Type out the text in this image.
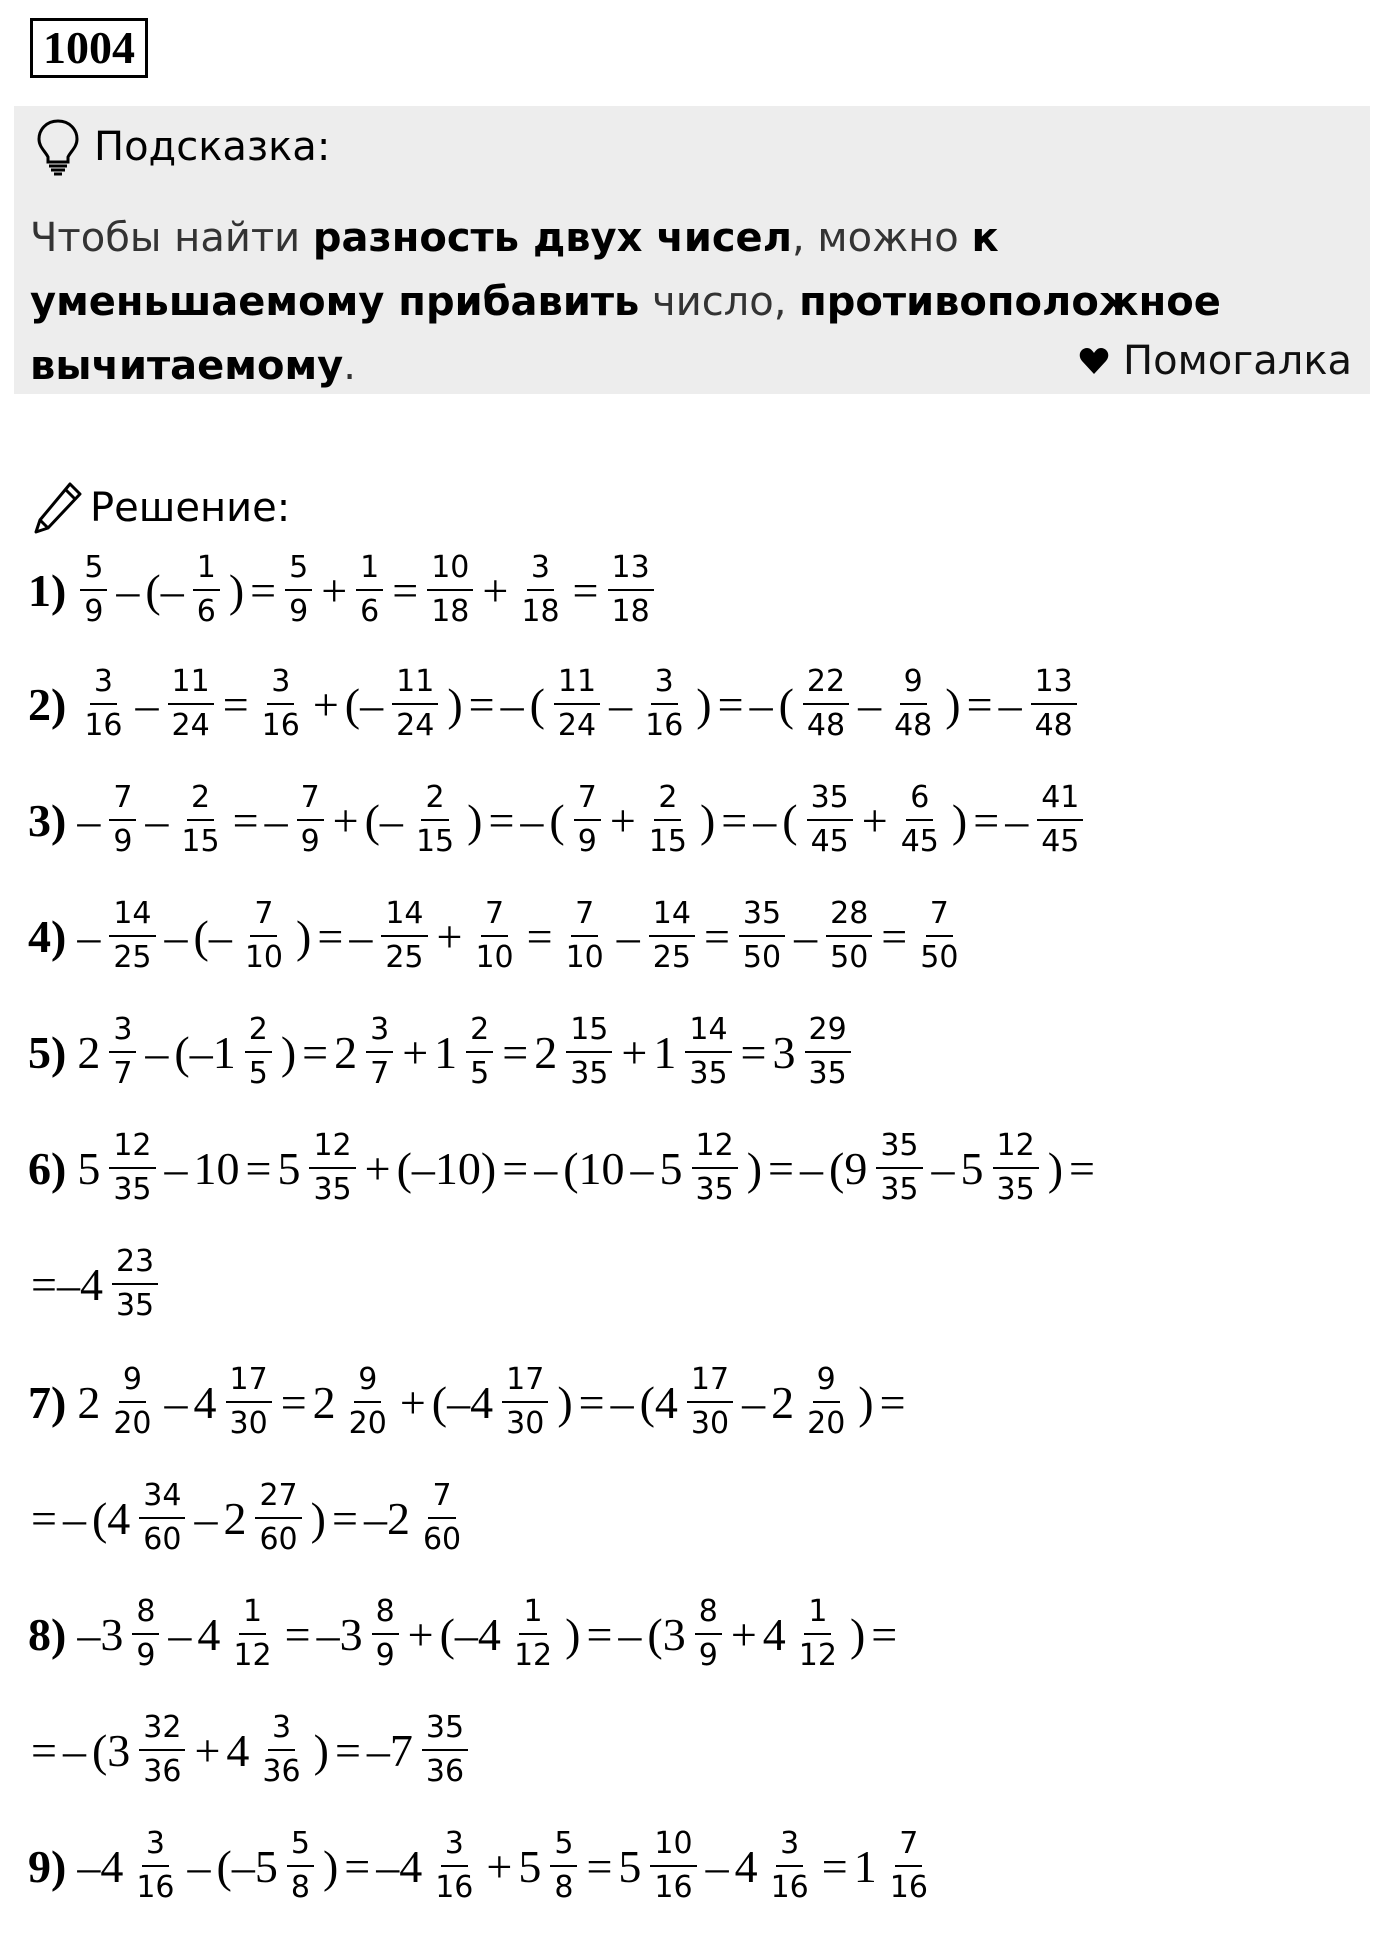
1004
Подсказка:
Чтобы найти разность двух чисел, можно к уменьшаемому прибавить число, противоположное вычитаемому.	Помогалка
Решение:
$1) \frac{5}{9}$ – (– $\frac{1}{6}$ ) = $\frac{5}{9} + \frac{1}{6} = \frac{10}{18} + \frac{3}{18} = \frac{13}{18}$
$2) \frac{3}{16} - \frac{11}{24} = \frac{3}{16}$ + (– $\frac{11}{24}$ ) = – ( $\frac{11}{24} - \frac{3}{16}$ ) = – ( $\frac{22}{48} - \frac{9}{48}$ ) = – $\frac{13}{48}$
$3) - \frac{7}{9} - \frac{2}{15}$ = – $\frac{7}{9}$ + (– $\frac{2}{15}$ ) = – ( $\frac{7}{9} + \frac{2}{15}$ ) = – ( $\frac{35}{45} + \frac{6}{45}$ ) = – $\frac{41}{45}$
$4) - \frac{14}{25}$ – (– $\frac{7}{10}$ ) = – $\frac{14}{25} + \frac{7}{10} = \frac{7}{10} - \frac{14}{25} = \frac{35}{50} - \frac{28}{50} = \frac{7}{50}$
5) $2 \frac{3}{7} - (-1 \frac{2}{5}$ ) = $2 \frac{3}{7} + 1 \frac{2}{5} = 2 \frac{15}{35} + 1 \frac{14}{35} = 3 \frac{29}{35}$
6) $5 \frac{12}{35} - 10 = 5 \frac{12}{35} + (-10)$ = – ($10 - 5 \frac{12}{35}$ ) = – ($9 \frac{35}{35} - 5 \frac{12}{35}$ ) =
$=-4 \frac{23}{35}$
7) $2 \frac{9}{20} - 4 \frac{17}{30} = 2 \frac{9}{20} + (-4 \frac{17}{30}$ ) = – ($4 \frac{17}{30} - 2 \frac{9}{20}$ ) =
= – ($4 \frac{34}{60} - 2 \frac{27}{60}$ ) = $-2 \frac{7}{60}$
8) $-3 \frac{8}{9} - 4 \frac{1}{12} = -3 \frac{8}{9} + (-4 \frac{1}{12}$ ) = – ($3 \frac{8}{9} + 4 \frac{1}{12}$ ) =
= – ($3 \frac{32}{36} + 4 \frac{3}{36}$ ) = $-7 \frac{35}{36}$
9) $-4 \frac{3}{16} - (-5 \frac{5}{8}$ ) = $-4 \frac{3}{16} + 5 \frac{5}{8} = 5 \frac{10}{16} - 4 \frac{3}{16} = 1 \frac{7}{16}$
